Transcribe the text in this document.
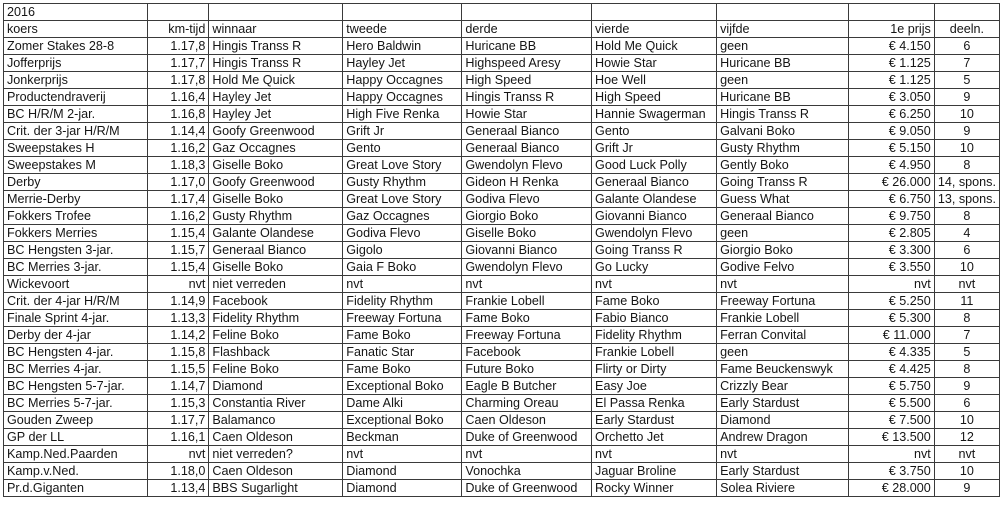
2016								
koers	km-tijd	winnaar	tweede	derde	vierde	vijfde	1e prijs	deeln.
Zomer Stakes 28-8	1.17,8	Hingis Transs R	Hero Baldwin	Huricane BB	Hold Me Quick	geen	€ 4.150	6
Jofferprijs	1.17,7	Hingis Transs R	Hayley Jet	Highspeed Aresy	Howie Star	Huricane BB	€ 1.125	7
Jonkerprijs	1.17,8	Hold Me Quick	Happy Occagnes	High Speed	Hoe Well	geen	€ 1.125	5
Productendraverij	1.16,4	Hayley Jet	Happy Occagnes	Hingis Transs R	High Speed	Huricane BB	€ 3.050	9
BC H/R/M 2-jar.	1.16,8	Hayley Jet	High Five Renka	Howie Star	Hannie Swagerman	Hingis Transs R	€ 6.250	10
Crit. der 3-jar H/R/M	1.14,4	Goofy Greenwood	Grift Jr	Generaal Bianco	Gento	Galvani Boko	€ 9.050	9
Sweepstakes H	1.16,2	Gaz Occagnes	Gento	Generaal Bianco	Grift Jr	Gusty Rhythm	€ 5.150	10
Sweepstakes M	1.18,3	Giselle Boko	Great Love Story	Gwendolyn Flevo	Good Luck Polly	Gently Boko	€ 4.950	8
Derby	1.17,0	Goofy Greenwood	Gusty Rhythm	Gideon H Renka	Generaal Bianco	Going Transs R	€ 26.000	14, spons.
Merrie-Derby	1.17,4	Giselle Boko	Great Love Story	Godiva Flevo	Galante Olandese	Guess What	€ 6.750	13, spons.
Fokkers Trofee	1.16,2	Gusty Rhythm	Gaz Occagnes	Giorgio Boko	Giovanni Bianco	Generaal Bianco	€ 9.750	8
Fokkers Merries	1.15,4	Galante Olandese	Godiva Flevo	Giselle Boko	Gwendolyn Flevo	geen	€ 2.805	4
BC Hengsten 3-jar.	1.15,7	Generaal Bianco	Gigolo	Giovanni Bianco	Going Transs R	Giorgio Boko	€ 3.300	6
BC Merries 3-jar.	1.15,4	Giselle Boko	Gaia F Boko	Gwendolyn Flevo	Go Lucky	Godive Felvo	€ 3.550	10
Wickevoort	nvt	niet verreden	nvt	nvt	nvt	nvt	nvt	nvt
Crit. der 4-jar H/R/M	1.14,9	Facebook	Fidelity Rhythm	Frankie Lobell	Fame Boko	Freeway Fortuna	€ 5.250	11
Finale Sprint 4-jar.	1.13,3	Fidelity Rhythm	Freeway Fortuna	Fame Boko	Fabio Bianco	Frankie Lobell	€ 5.300	8
Derby der 4-jar	1.14,2	Feline Boko	Fame Boko	Freeway Fortuna	Fidelity Rhythm	Ferran Convital	€ 11.000	7
BC Hengsten 4-jar.	1.15,8	Flashback	Fanatic Star	Facebook	Frankie Lobell	geen	€ 4.335	5
BC Merries 4-jar.	1.15,5	Feline Boko	Fame Boko	Future Boko	Flirty or Dirty	Fame Beuckenswyk	€ 4.425	8
BC Hengsten 5-7-jar.	1.14,7	Diamond	Exceptional Boko	Eagle B Butcher	Easy Joe	Crizzly Bear	€ 5.750	9
BC Merries 5-7-jar.	1.15,3	Constantia River	Dame Alki	Charming Oreau	El Passa Renka	Early Stardust	€ 5.500	6
Gouden Zweep	1.17,7	Balamanco	Exceptional Boko	Caen Oldeson	Early Stardust	Diamond	€ 7.500	10
GP der LL	1.16,1	Caen Oldeson	Beckman	Duke of Greenwood	Orchetto Jet	Andrew Dragon	€ 13.500	12
Kamp.Ned.Paarden	nvt	niet verreden?	nvt	nvt	nvt	nvt	nvt	nvt
Kamp.v.Ned.	1.18,0	Caen Oldeson	Diamond	Vonochka	Jaguar Broline	Early Stardust	€ 3.750	10
Pr.d.Giganten	1.13,4	BBS Sugarlight	Diamond	Duke of Greenwood	Rocky Winner	Solea Riviere	€ 28.000	9
